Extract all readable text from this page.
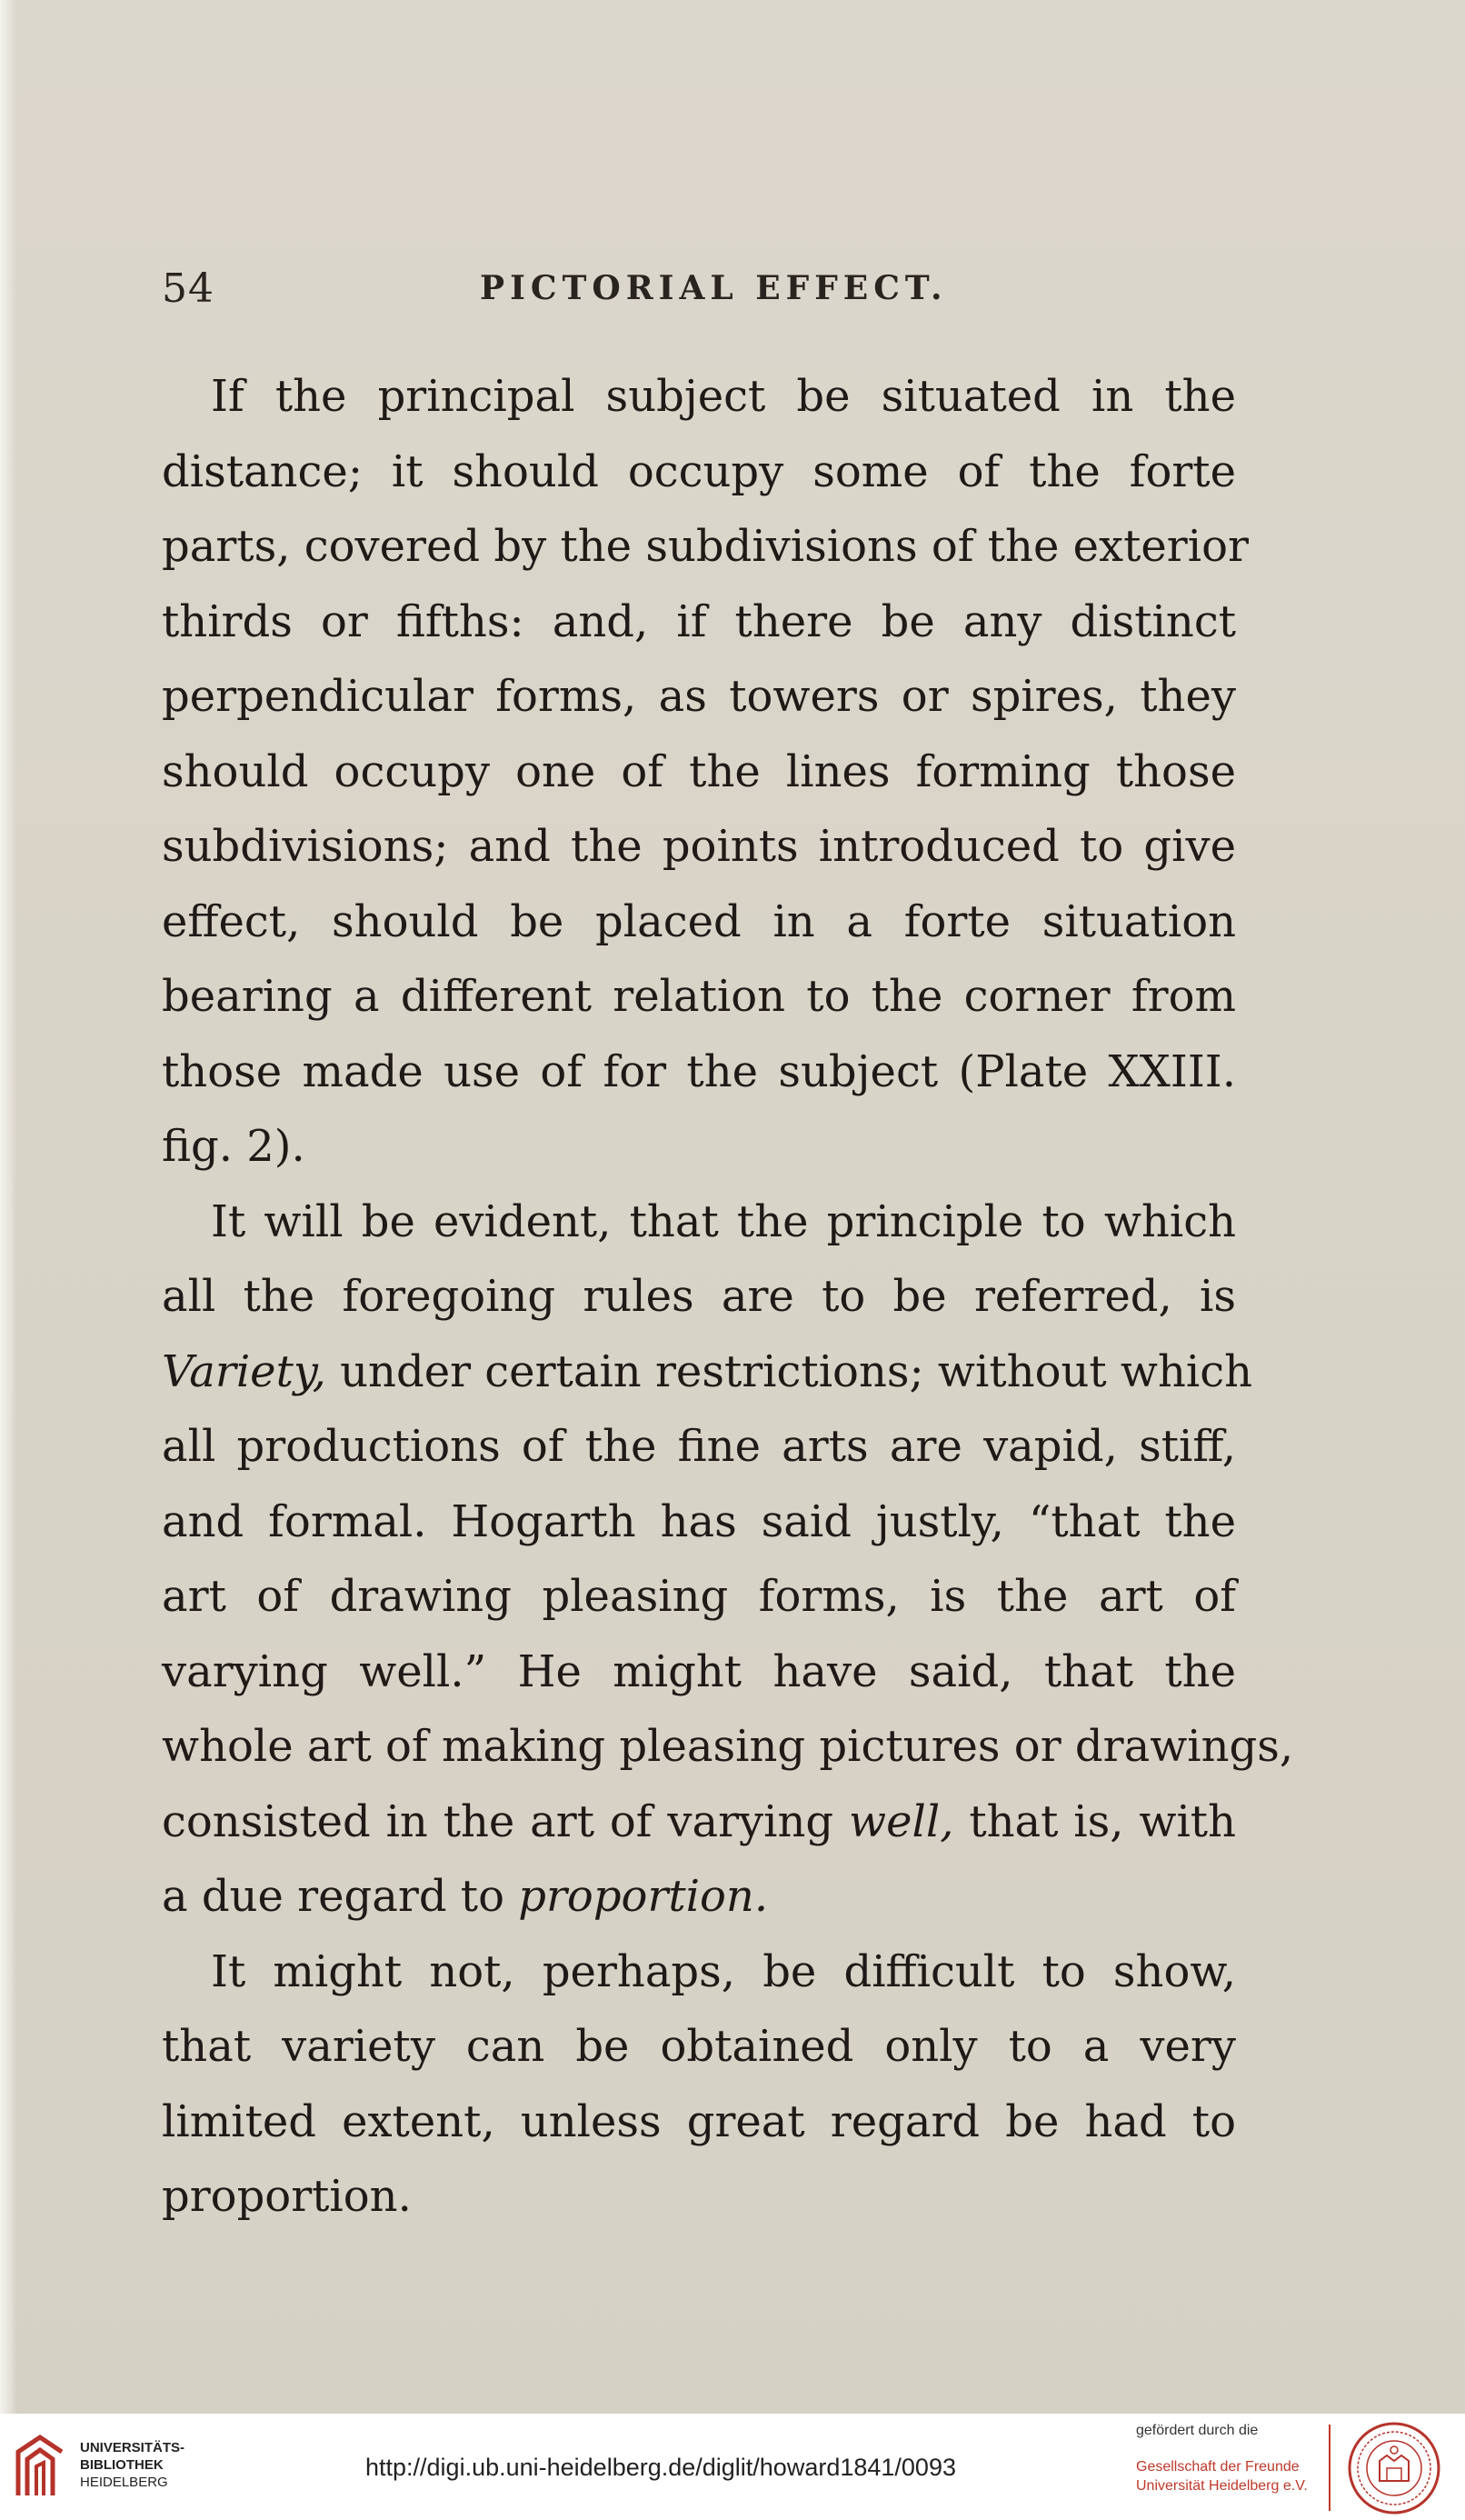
54	PICTORIAL EFFECT.
If the principal subject be situated in the
distance; it should occupy some of the forte
parts, covered by the subdivisions of the exterior
thirds or fifths: and, if there be any distinct
perpendicular forms, as towers or spires, they
should occupy one of the lines forming those
subdivisions; and the points introduced to give
effect, should be placed in a forte situation
bearing a different relation to the corner from
those made use of for the subject (Plate XXIII.
fig. 2).
It will be evident, that the principle to which
all the foregoing rules are to be referred, is
Variety, under certain restrictions; without which
all productions of the fine arts are vapid, stiff,
and formal. Hogarth has said justly, “that the
art of drawing pleasing forms, is the art of
varying well.” He might have said, that the
whole art of making pleasing pictures or drawings,
consisted in the art of varying well, that is, with
a due regard to proportion.
It might not, perhaps, be difficult to show,
that variety can be obtained only to a very
limited extent, unless great regard be had to
proportion.
UNIVERSITÄTS-
BIBLIOTHEK
HEIDELBERG
http://digi.ub.uni-heidelberg.de/diglit/howard1841/0093
gefördert durch die
Gesellschaft der Freunde
Universität Heidelberg e.V.
